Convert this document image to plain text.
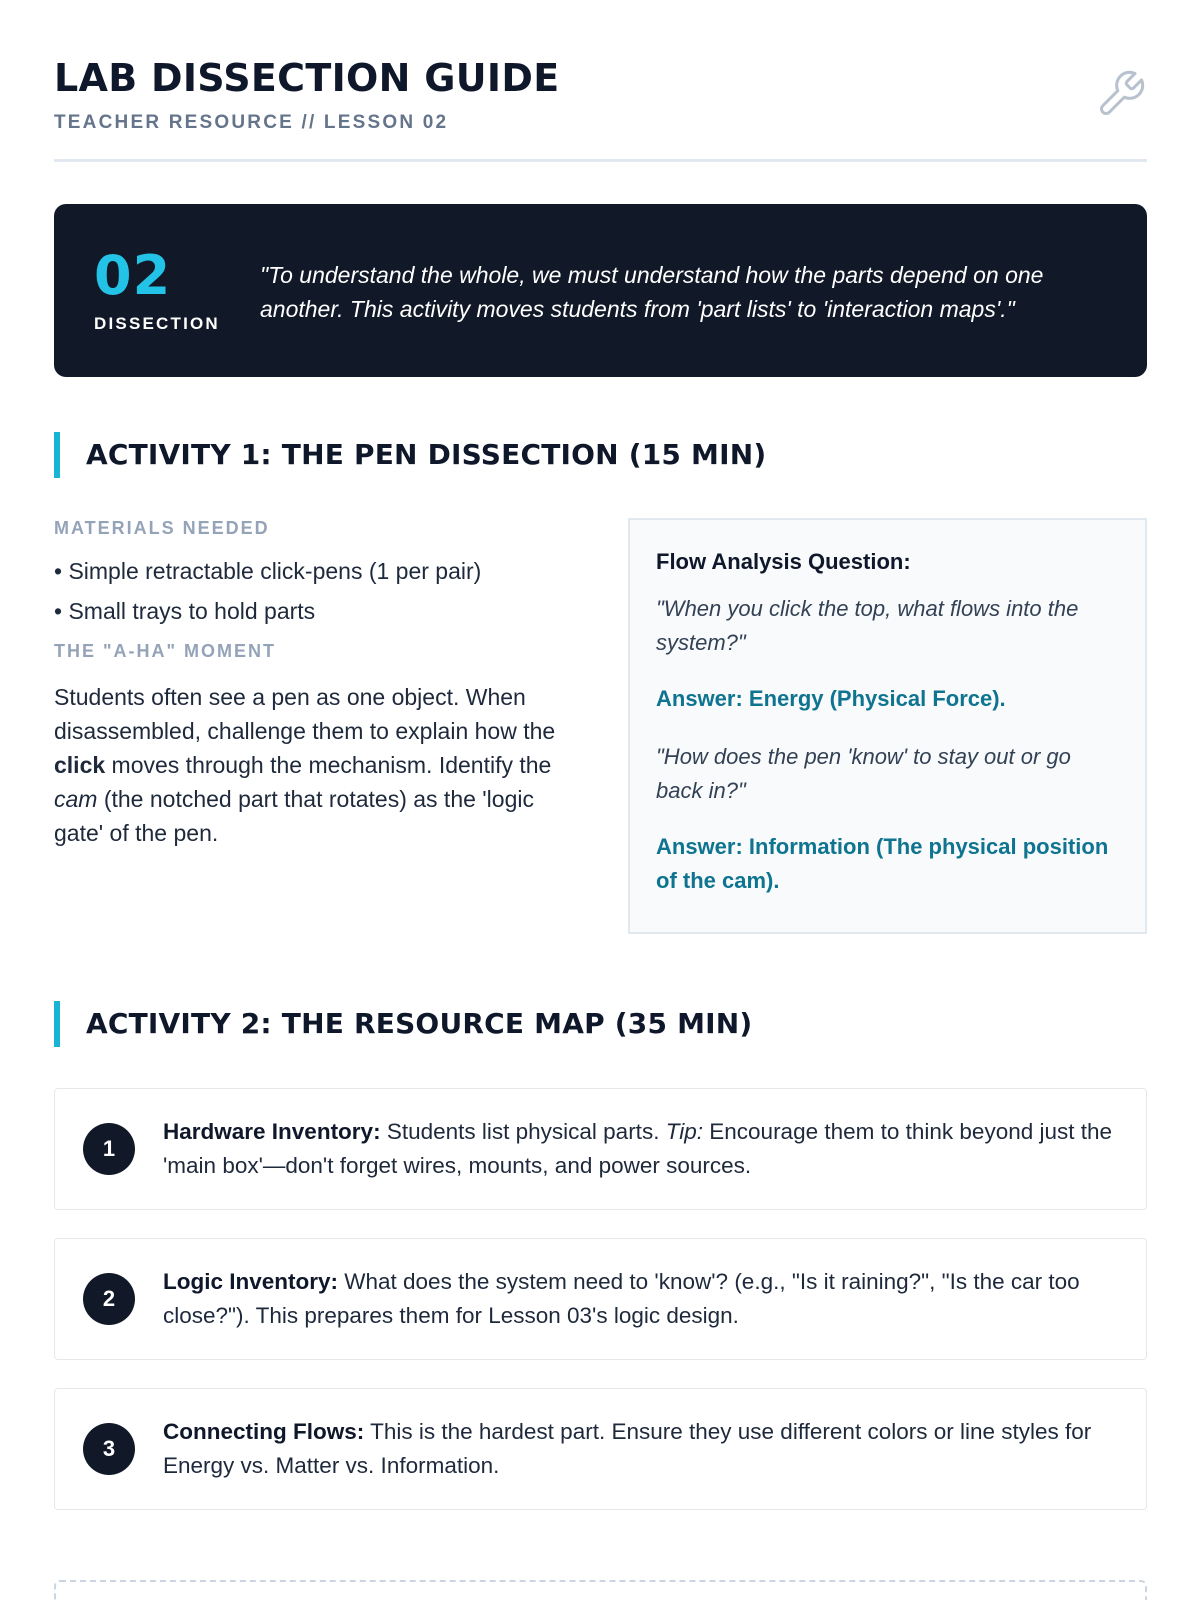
LAB DISSECTION GUIDE
TEACHER RESOURCE // LESSON 02
02
DISSECTION
"To understand the whole, we must understand how the parts depend on one another. This activity moves students from 'part lists' to 'interaction maps'."
ACTIVITY 1: THE PEN DISSECTION (15 MIN)
MATERIALS NEEDED
• Simple retractable click-pens (1 per pair)
• Small trays to hold parts
THE "A-HA" MOMENT

Students often see a pen as one object. When disassembled, challenge them to explain how the click moves through the mechanism. Identify the cam (the notched part that rotates) as the 'logic gate' of the pen.

Flow Analysis Question:
"When you click the top, what flows into the system?"
Answer: Energy (Physical Force).
"How does the pen 'know' to stay out or go back in?"
Answer: Information (The physical position of the cam).
ACTIVITY 2: THE RESOURCE MAP (35 MIN)
1
Hardware Inventory: Students list physical parts. Tip: Encourage them to think beyond just the 'main box'—don't forget wires, mounts, and power sources.
2
Logic Inventory: What does the system need to 'know'? (e.g., "Is it raining?", "Is the car too close?"). This prepares them for Lesson 03's logic design.
3
Connecting Flows: This is the hardest part. Ensure they use different colors or line styles for Energy vs. Matter vs. Information.
